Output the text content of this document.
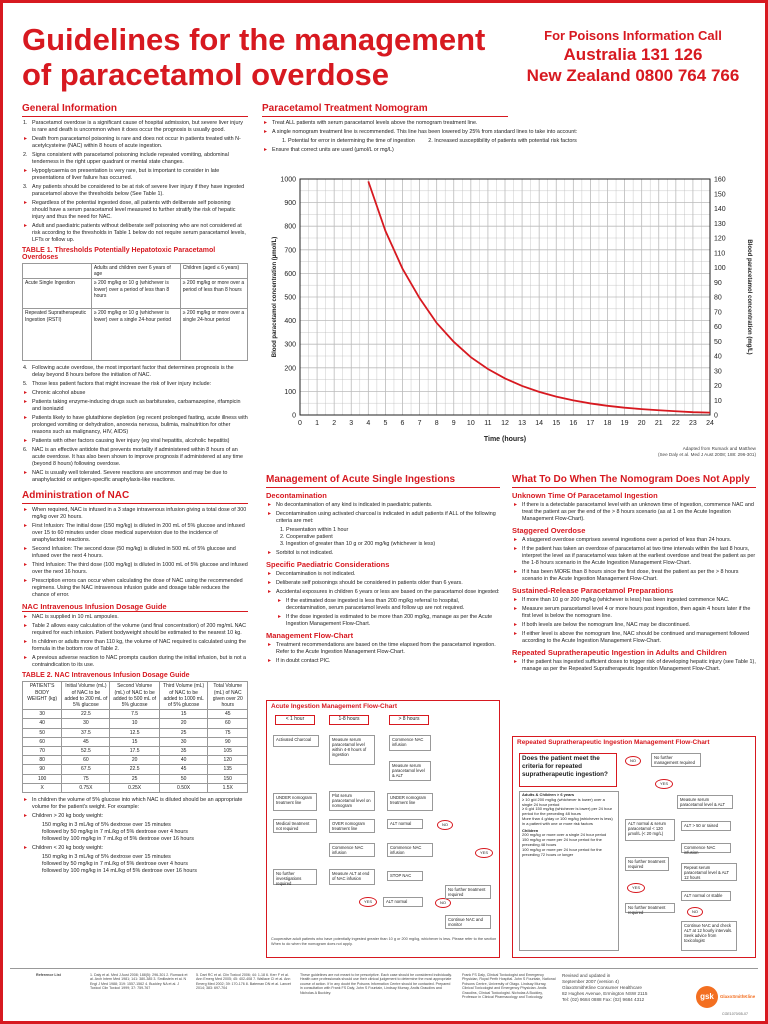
Guidelines for the management
of paracetamol overdose
For Poisons Information Call
Australia 131 126
New Zealand 0800 764 766
General Information
1. Paracetamol overdose is a significant cause of hospital admission, but severe liver injury is rare and death is uncommon when it does occur the prognosis is usually good.
▸ Death from paracetamol poisoning is rare and does not occur in patients treated with N-acetylcysteine (NAC) within 8 hours of acute ingestion.
2. Signs consistent with paracetamol poisoning include repeated vomiting, abdominal tenderness in the right upper quadrant or mental state changes.
▸ Hypoglycaemia on presentation is very rare, but is important to consider in late presentations of liver failure has occurred.
3. Any patients should be considered to be at risk of severe liver injury if they have ingested paracetamol above the thresholds below (See Table 1).
▸ Regardless of the potential ingested dose, all patients with deliberate self poisoning should have a serum paracetamol level measured to further stratify the risk of hepatic injury and thus the need for NAC.
▸ Adult and paediatric patients without deliberate self poisoning who are not considered at risk according to the thresholds in Table 1 below do not require serum paracetamol levels, LFTs or follow up.
TABLE 1. Thresholds Potentially Hepatotoxic Paracetamol Overdoses
	Adults and children over 6 years of age	Children (aged ≤ 6 years)
Acute Single Ingestion	≥ 200 mg/kg or 10 g (whichever is lower) over a period of less than 8 hours	≥ 200 mg/kg or more over a period of less than 8 hours
Repeated Supratherapeutic Ingestion (RSTI)	≥ 200 mg/kg or 10 g (whichever is lower) over a single 24-hour period	≥ 200 mg/kg or more over a single 24-hour period
4. Following acute overdose, the most important factor that determines prognosis is the delay beyond 8 hours before the initiation of NAC.
5. Those less patient factors that might increase the risk of liver injury include:
▸ Chronic alcohol abuse
▸ Patients taking enzyme-inducing drugs such as barbiturates, carbamazepine, rifampicin and isoniazid
▸ Patients likely to have glutathione depletion (eg recent prolonged fasting, acute illness with prolonged vomiting or dehydration, anorexia nervosa, bulimia, malnutrition for other reasons such as malignancy, HIV, AIDS)
▸ Patients with other factors causing liver injury (eg viral hepatitis, alcoholic hepatitis)
6. NAC is an effective antidote that prevents mortality if administered within 8 hours of an acute overdose. It has also been shown to improve prognosis if administered at any time (beyond 8 hours) following overdose.
▸ NAC is usually well tolerated. Severe reactions are uncommon and may be due to anaphylactoid or antigen-specific anaphylaxis-like reactions.
Administration of NAC
▸ When required, NAC is infused in a 3 stage intravenous infusion giving a total dose of 300 mg/kg over 20 hours.
▸ First Infusion: The initial dose (150 mg/kg) is diluted in 200 mL of 5% glucose and infused over 15 to 60 minutes under close medical supervision due to the incidence of anaphylactoid reactions.
▸ Second Infusion: The second dose (50 mg/kg) is diluted in 500 mL of 5% glucose and infused over the next 4 hours.
▸ Third Infusion: The third dose (100 mg/kg) is diluted in 1000 mL of 5% glucose and infused over the next 16 hours.
▸ Prescription errors can occur when calculating the dose of NAC using the recommended regimens. Using the NAC intravenous infusion guide and dosage table reduces the chance of error.
NAC Intravenous Infusion Dosage Guide
▸ NAC is supplied in 10 mL ampoules.
▸ Table 2 allows easy calculation of the volume (and final concentration) of 200 mg/mL NAC required for each infusion. Patient bodyweight should be estimated to the nearest 10 kg.
▸ In children or adults more than 110 kg, the volume of NAC required is calculated using the formula in the bottom row of Table 2.
▸ A previous adverse reaction to NAC prompts caution during the initial infusion, but is not a contraindication to its use.
TABLE 2. NAC Intravenous Infusion Dosage Guide
PATIENT'S BODY WEIGHT (kg)	Initial Volume (mL) of NAC to be added to 200 mL of 5% glucose	Second Volume (mL) of NAC to be added to 500 mL of 5% glucose	Third Volume (mL) of NAC to be added to 1000 mL of 5% glucose	Total Volume (mL) of NAC given over 20 hours
30	22.5	7.5	15	45
40	30	10	20	60
50	37.5	12.5	25	75
60	45	15	30	90
70	52.5	17.5	35	105
80	60	20	40	120
90	67.5	22.5	45	135
100	75	25	50	150
X	0.75X	0.25X	0.50X	1.5X
▸ In children the volume of 5% glucose into which NAC is diluted should be an appropriate volume for the patient's weight. For example:
▸ Children > 20 kg body weight:
150 mg/kg in 3 mL/kg of 5% dextrose over 15 minutes
followed by 50 mg/kg in 7 mL/kg of 5% dextrose over 4 hours
followed by 100 mg/kg in 7 mL/kg of 5% dextrose over 16 hours
▸ Children < 20 kg body weight:
150 mg/kg in 3 mL/kg of 5% dextrose over 15 minutes
followed by 50 mg/kg in 7 mL/kg of 5% dextrose over 4 hours
followed by 100 mg/kg in 14 mL/kg of 5% dextrose over 16 hours
Paracetamol Treatment Nomogram
▸ Treat ALL patients with serum paracetamol levels above the nomogram treatment line.
▸ A single nomogram treatment line is recommended. This line has been lowered by 25% from standard lines to take into account:
1. Potential for error in determining the time of ingestion 2. Increased susceptibility of patients with potential risk factors
▸ Ensure that correct units are used (µmol/L or mg/L)
0 1 2 3 4 5 6 7 8 9 10 11 12 13 14 15 16 17 18 19 20 21 22 23 24
0
100
200
300
400
500
600
700
800
900
1000
0
10
20
30
40
50
60
70
80
90
100
110
120
130
140
150
160
Time (hours)
Blood paracetamol concentration (µmol/L)	Blood paracetamol concentration (mg/L)
Adapted from Rumack and Matthew
(See Daly et al. Med J Aust 2008; 188: 296-301)
Management of Acute Single Ingestions
Decontamination
▸ No decontamination of any kind is indicated in paediatric patients.
▸ Decontamination using activated charcoal is indicated in adult patients if ALL of the following criteria are met:
1. Presentation within 1 hour
2. Cooperative patient
3. Ingestion of greater than 10 g or 200 mg/kg (whichever is less)
▸ Sorbitol is not indicated.
Specific Paediatric Considerations
▸ Decontamination is not indicated.
▸ Deliberate self poisonings should be considered in patients older than 6 years.
▸ Accidental exposures in children 6 years or less are based on the paracetamol dose ingested:
▸ If the estimated dose ingested is less than 200 mg/kg referral to hospital, decontamination, serum paracetamol levels and follow up are not required.
▸ If the dose ingested is estimated to be more than 200 mg/kg, manage as per the Acute Ingestion Management Flow-Chart.
Management Flow-Chart
▸ Treatment recommendations are based on the time elapsed from the paracetamol ingestion. Refer to the Acute Ingestion Management Flow-Chart.
▸ If in doubt contact PIC.
Acute Ingestion Management Flow-Chart
< 1 hour	1-8 hours	> 8 hours
Activated Charcoal	Measure serum paracetamol level within 4-8 hours of ingestion
Commence NAC infusion
Measure serum paracetamol level & ALT
UNDER nomogram treatment line
Plot serum paracetamol level on nomogram
UNDER nomogram treatment line
Medical treatment not required
OVER nomogram treatment line
ALT normal	NO
Commence NAC infusion
Commence NAC infusion	YES
No further investigations required
Measure ALT at end of NAC infusion
STOP NAC
YES	ALT normal	NO
No further treatment required
Continue NAC and monitor
Cooperative adult patients who have potentially ingested greater than 10 g or 200 mg/kg, whichever is less. Please refer to the section When to do when the nomogram does not apply.
What To Do When The Nomogram Does Not Apply
Unknown Time Of Paracetamol Ingestion
▸ If there is a detectable paracetamol level with an unknown time of ingestion, commence NAC and treat the patient as per the end of the > 8 hours scenario (as at 1 on the Acute Ingestion Management Flow-Chart).
Staggered Overdose
▸ A staggered overdose comprises several ingestions over a period of less than 24 hours.
▸ If the patient has taken an overdose of paracetamol at two time intervals within the last 8 hours, interpret the level as if paracetamol was taken at the earliest overdose and treat the patient as per the 1-8 hours scenario in the Acute Ingestion Management Flow-Chart.
▸ If it has been MORE than 8 hours since the first dose, treat the patient as per the > 8 hours scenario in the Acute Ingestion Management Flow-Chart.
Sustained-Release Paracetamol Preparations
▸ If more than 10 g or 200 mg/kg (whichever is less) has been ingested commence NAC.
▸ Measure serum paracetamol level 4 or more hours post ingestion, then again 4 hours later if the first level is below the nomogram line.
▸ If both levels are below the nomogram line, NAC may be discontinued.
▸ If either level is above the nomogram line, NAC should be continued and management followed according to the Acute Ingestion Management Flow-Chart.
Repeated Supratherapeutic Ingestion in Adults and Children
▸ If the patient has ingested sufficient doses to trigger risk of developing hepatic injury (see Table 1), manage as per the Repeated Supratherapeutic Ingestion Management Flow-Chart.
Repeated Supratherapeutic Ingestion Management Flow-Chart
Does the patient meet the criteria for repeated supratherapeutic ingestion?
NO
No further management required
YES
Adults & Children > 6 years
≥ 10 g/d 200 mg/kg (whichever is lower) over a single 24 hour period
≥ 6 g/d 150 mg/kg (whichever is lower) per 24 hour period for the preceding 48 hours
More than 4 g/day or 100 mg/kg (whichever is less) in a patient with one or more risk factors
Children
200 mg/kg or more over a single 24 hour period
150 mg/kg or more per 24 hour period for the preceding 48 hours
100 mg/kg or more per 24 hour period for the preceding 72 hours or longer
Measure serum paracetamol level & ALT
ALT normal & serum paracetamol < 120 µmol/L (< 20 mg/L)
ALT > 50 or raised
Commence NAC infusion
No further treatment required	Repeat serum paracetamol level & ALT 12 hours
YES
ALT normal or stable
NO
No further treatment required
Continue NAC and check ALT at 12 hourly intervals. Seek advice from toxicologist
Reference List	1. Daly et al. Med J Aust 2008; 188(5): 296-301 2. Rumack et al. Arch Intern Med 1981; 141: 380-385 3. Smilkstein et al. N Engl J Med 1988; 319: 1557-1562 4. Buckley NA et al. J Toxicol Clin Toxicol 1999; 37: 759-767
5. Dart RC et al. Clin Toxicol 2006; 44: 1-18 6. Kerr F et al. Ann Emerg Med 2005; 45: 402-408 7. Wallace CI et al. Ann Emerg Med 2002; 39: 170-176 8. Bateman DN et al. Lancet 2014; 383: 697-704
These guidelines are not meant to be prescriptive. Each case should be considered individually. Health care professionals should use their clinical judgement to determine the most appropriate course of action. If in any doubt the Poisons Information Centre should be contacted. Prepared in consultation with Frank FS Daly, John S Fountain, Lindsay Murray, Andis Graudins and Nicholas A Buckley.
Frank FS Daly, Clinical Toxicologist and Emergency Physician, Royal Perth Hospital. John S Fountain, National Poisons Centre, University of Otago. Lindsay Murray, Clinical Toxicologist and Emergency Physician. Andis Graudins, Clinical Toxicologist. Nicholas A Buckley, Professor in Clinical Pharmacology and Toxicology.
Revised and updated in
September 2007 (version 4)
GlaxoSmithKline Consumer Healthcare
82 Hughes Avenue, Ermington NSW 2115
Tel: (02) 9684 0888 Fax: (02) 9684 4312	gsk	GlaxoSmithKline
CGE1070/05-07
